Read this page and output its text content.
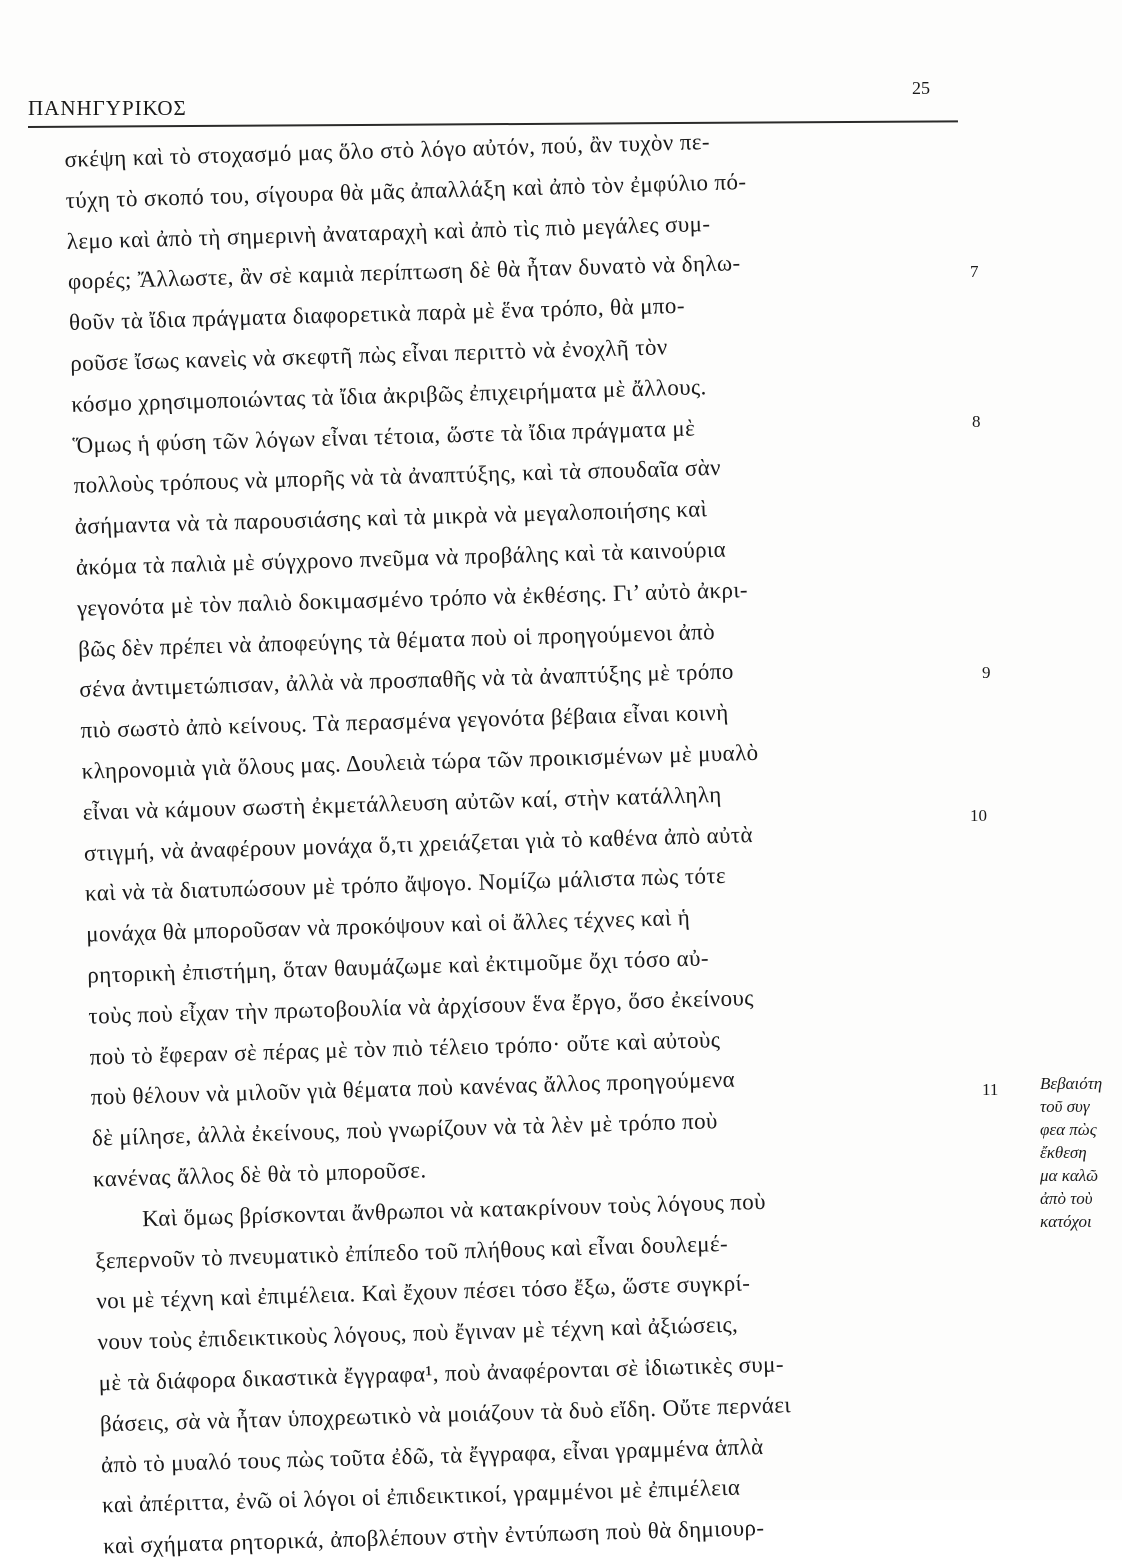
ΠΑΝΗΓΥΡΙΚΟΣ
25
σκέψη καὶ τὸ στοχασμό μας ὅλο στὸ λόγο αὐτόν, πού, ἂν τυχὸν πε-
τύχη τὸ σκοπό του, σίγουρα θὰ μᾶς ἀπαλλάξη καὶ ἀπὸ τὸν ἐμφύλιο πό-
λεμο καὶ ἀπὸ τὴ σημερινὴ ἀναταραχὴ καὶ ἀπὸ τὶς πιὸ μεγάλες συμ-
φορές; Ἄλλωστε, ἂν σὲ καμιὰ περίπτωση δὲ θὰ ἦταν δυνατὸ νὰ δηλω-
θοῦν τὰ ἴδια πράγματα διαφορετικὰ παρὰ μὲ ἕνα τρόπο, θὰ μπο-
ροῦσε ἴσως κανεὶς νὰ σκεφτῆ πὼς εἶναι περιττὸ νὰ ἐνοχλῆ τὸν
κόσμο χρησιμοποιώντας τὰ ἴδια ἀκριβῶς ἐπιχειρήματα μὲ ἄλλους.
Ὅμως ἡ φύση τῶν λόγων εἶναι τέτοια, ὥστε τὰ ἴδια πράγματα μὲ
πολλοὺς τρόπους νὰ μπορῆς νὰ τὰ ἀναπτύξης, καὶ τὰ σπουδαῖα σὰν
ἀσήμαντα νὰ τὰ παρουσιάσης καὶ τὰ μικρὰ νὰ μεγαλοποιήσης καὶ
ἀκόμα τὰ παλιὰ μὲ σύγχρονο πνεῦμα νὰ προβάλης καὶ τὰ καινούρια
γεγονότα μὲ τὸν παλιὸ δοκιμασμένο τρόπο νὰ ἐκθέσης. Γι’ αὐτὸ ἀκρι-
βῶς δὲν πρέπει νὰ ἀποφεύγης τὰ θέματα ποὺ οἱ προηγούμενοι ἀπὸ
σένα ἀντιμετώπισαν, ἀλλὰ νὰ προσπαθῆς νὰ τὰ ἀναπτύξης μὲ τρόπο
πιὸ σωστὸ ἀπὸ κείνους. Τὰ περασμένα γεγονότα βέβαια εἶναι κοινὴ
κληρονομιὰ γιὰ ὅλους μας. Δουλειὰ τώρα τῶν προικισμένων μὲ μυαλὸ
εἶναι νὰ κάμουν σωστὴ ἐκμετάλλευση αὐτῶν καί, στὴν κατάλληλη
στιγμή, νὰ ἀναφέρουν μονάχα ὅ,τι χρειάζεται γιὰ τὸ καθένα ἀπὸ αὐτὰ
καὶ νὰ τὰ διατυπώσουν μὲ τρόπο ἄψογο. Νομίζω μάλιστα πὼς τότε
μονάχα θὰ μποροῦσαν νὰ προκόψουν καὶ οἱ ἄλλες τέχνες καὶ ἡ
ρητορικὴ ἐπιστήμη, ὅταν θαυμάζωμε καὶ ἐκτιμοῦμε ὄχι τόσο αὐ-
τοὺς ποὺ εἶχαν τὴν πρωτοβουλία νὰ ἀρχίσουν ἕνα ἔργο, ὅσο ἐκείνους
ποὺ τὸ ἔφεραν σὲ πέρας μὲ τὸν πιὸ τέλειο τρόπο· οὔτε καὶ αὐτοὺς
ποὺ θέλουν νὰ μιλοῦν γιὰ θέματα ποὺ κανένας ἄλλος προηγούμενα
δὲ μίλησε, ἀλλὰ ἐκείνους, ποὺ γνωρίζουν νὰ τὰ λὲν μὲ τρόπο ποὺ
κανένας ἄλλος δὲ θὰ τὸ μποροῦσε.
Καὶ ὅμως βρίσκονται ἄνθρωποι νὰ κατακρίνουν τοὺς λόγους ποὺ
ξεπερνοῦν τὸ πνευματικὸ ἐπίπεδο τοῦ πλήθους καὶ εἶναι δουλεμέ-
νοι μὲ τέχνη καὶ ἐπιμέλεια. Καὶ ἔχουν πέσει τόσο ἔξω, ὥστε συγκρί-
νουν τοὺς ἐπιδεικτικοὺς λόγους, ποὺ ἔγιναν μὲ τέχνη καὶ ἀξιώσεις,
μὲ τὰ διάφορα δικαστικὰ ἔγγραφα¹, ποὺ ἀναφέρονται σὲ ἰδιωτικὲς συμ-
βάσεις, σὰ νὰ ἦταν ὑποχρεωτικὸ νὰ μοιάζουν τὰ δυὸ εἴδη. Οὔτε περνάει
ἀπὸ τὸ μυαλό τους πὼς τοῦτα ἐδῶ, τὰ ἔγγραφα, εἶναι γραμμένα ἁπλὰ
καὶ ἀπέριττα, ἐνῶ οἱ λόγοι οἱ ἐπιδεικτικοί, γραμμένοι μὲ ἐπιμέλεια
καὶ σχήματα ρητορικά, ἀποβλέπουν στὴν ἐντύπωση ποὺ θὰ δημιουρ-
7
8
9
10
11 Βεβαιότη
τοῦ συγ
φεα πὼς
ἔκθεση
μα καλῶ
ἀπὸ τοὺ
κατόχοι
